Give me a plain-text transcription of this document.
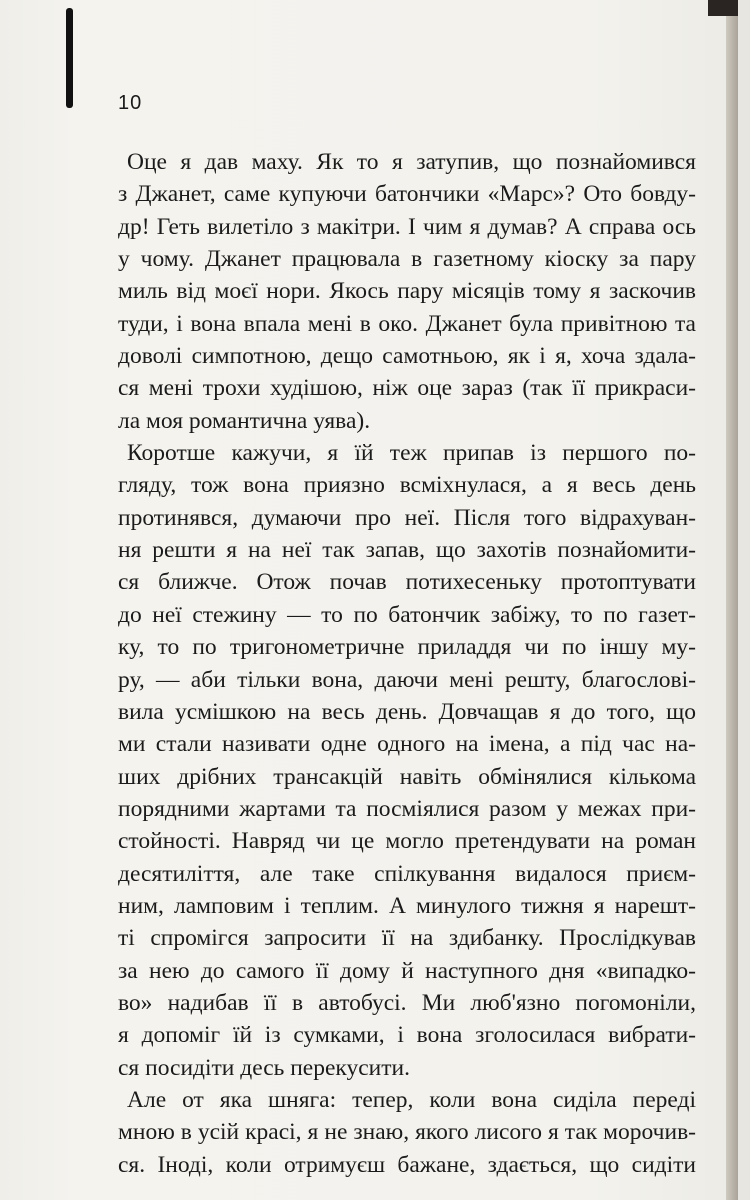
10
Оце я дав маху. Як то я затупив, що познайомився
з Джанет, саме купуючи батончики «Марс»? Ото бовду-
др! Геть вилетіло з макітри. І чим я думав? А справа ось
у чому. Джанет працювала в газетному кіоску за пару
миль від моєї нори. Якось пару місяців тому я заскочив
туди, і вона впала мені в око. Джанет була привітною та
доволі симпотною, дещо самотньою, як і я, хоча здала-
ся мені трохи худішою, ніж оце зараз (так її прикраси-
ла моя романтична уява).
Коротше кажучи, я їй теж припав із першого по-
гляду, тож вона приязно всміхнулася, а я весь день
протинявся, думаючи про неї. Після того відрахуван-
ня решти я на неї так запав, що захотів познайомити-
ся ближче. Отож почав потихесеньку протоптувати
до неї стежину — то по батончик забіжу, то по газет-
ку, то по тригонометричне приладдя чи по іншу му-
ру, — аби тільки вона, даючи мені решту, благослові-
вила усмішкою на весь день. Довчащав я до того, що
ми стали називати одне одного на імена, а під час на-
ших дрібних трансакцій навіть обмінялися кількома
порядними жартами та посміялися разом у межах при-
стойності. Навряд чи це могло претендувати на роман
десятиліття, але таке спілкування видалося приєм-
ним, ламповим і теплим. А минулого тижня я нарешт-
ті спромігся запросити її на здибанку. Прослідкував
за нею до самого її дому й наступного дня «випадко-
во» надибав її в автобусі. Ми люб'язно погомоніли,
я допоміг їй із сумками, і вона зголосилася вибрати-
ся посидіти десь перекусити.
Але от яка шняга: тепер, коли вона сиділа переді
мною в усій красі, я не знаю, якого лисого я так морочив-
ся. Іноді, коли отримуєш бажане, здається, що сидіти
